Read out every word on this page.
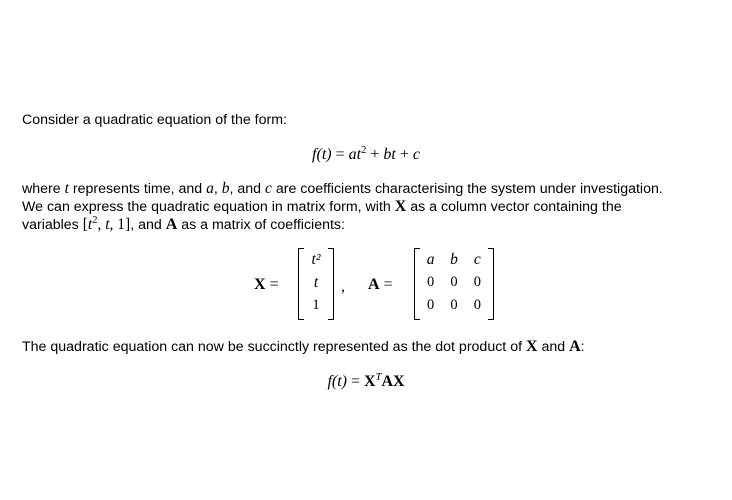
Consider a quadratic equation of the form:
$f(t) = at^2$ + bt + c

where t represents time, and a, b, and c are coefficients characterising the system under investigation.

We can express the quadratic equation in matrix form, with X as a column vector containing the

variables [$t^2$, t, 1], and A as a matrix of coefficients:

X =
t²
t
1
, A =
a	b	c
0	0	0
0	0	0
The quadratic equation can now be succinctly represented as the dot product of X and A:
$f(t) = X^TAX$
